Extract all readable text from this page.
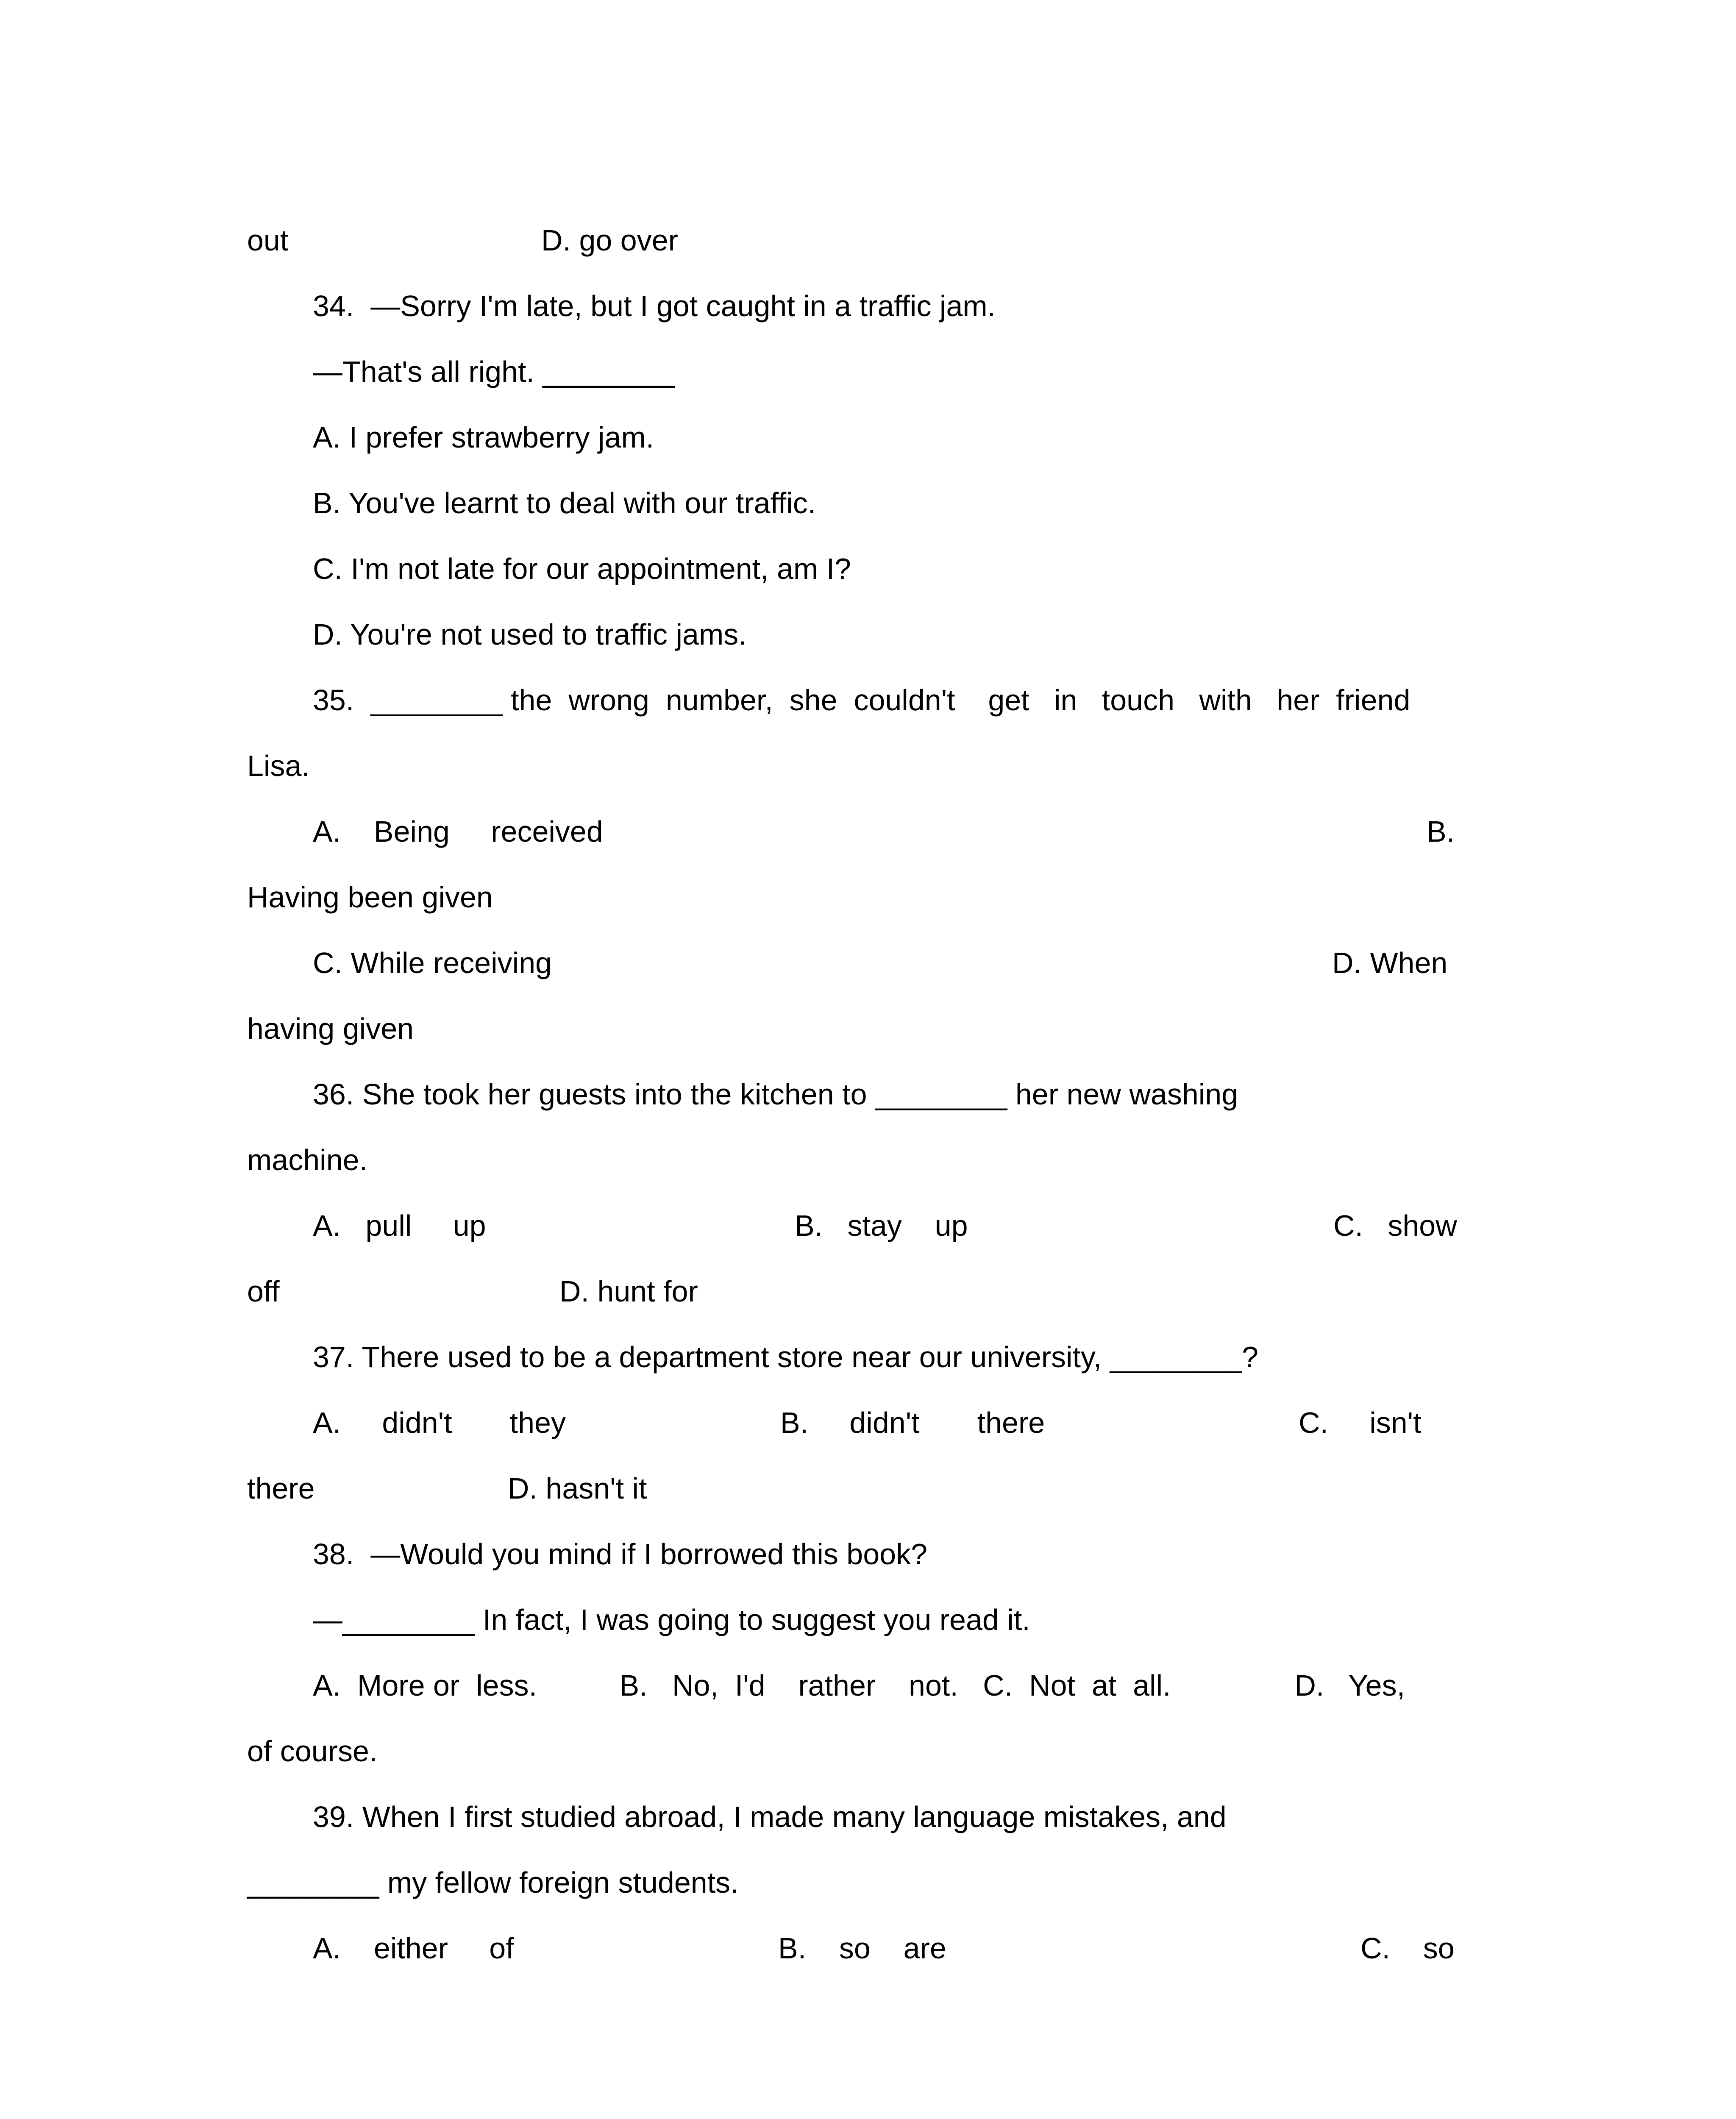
out	D. go over
34.  —Sorry I'm late, but I got caught in a traffic jam.
—That's all right. ________
A. I prefer strawberry jam.
B. You've learnt to deal with our traffic.
C. I'm not late for our appointment, am I?
D. You're not used to traffic jams.
35.  ________ the  wrong  number,  she  couldn't    get   in   touch   with   her  friend
Lisa.
A.    Being     received	B.
Having been given
C. While receiving	D. When
having given
36. She took her guests into the kitchen to ________ her new washing
machine.
A.   pull     up	B.   stay    up	C.   show
off	D. hunt for
37. There used to be a department store near our university, ________?
A.     didn't       they	B.     didn't       there	C.     isn't
there	D. hasn't it
38.  —Would you mind if I borrowed this book?
—________ In fact, I was going to suggest you read it.
A.  More or  less.          B.   No,  I'd    rather    not.   C.  Not  at  all.               D.   Yes,
of course.
39. When I first studied abroad, I made many language mistakes, and
________ my fellow foreign students.
A.    either     of	B.    so    are	C.    so
